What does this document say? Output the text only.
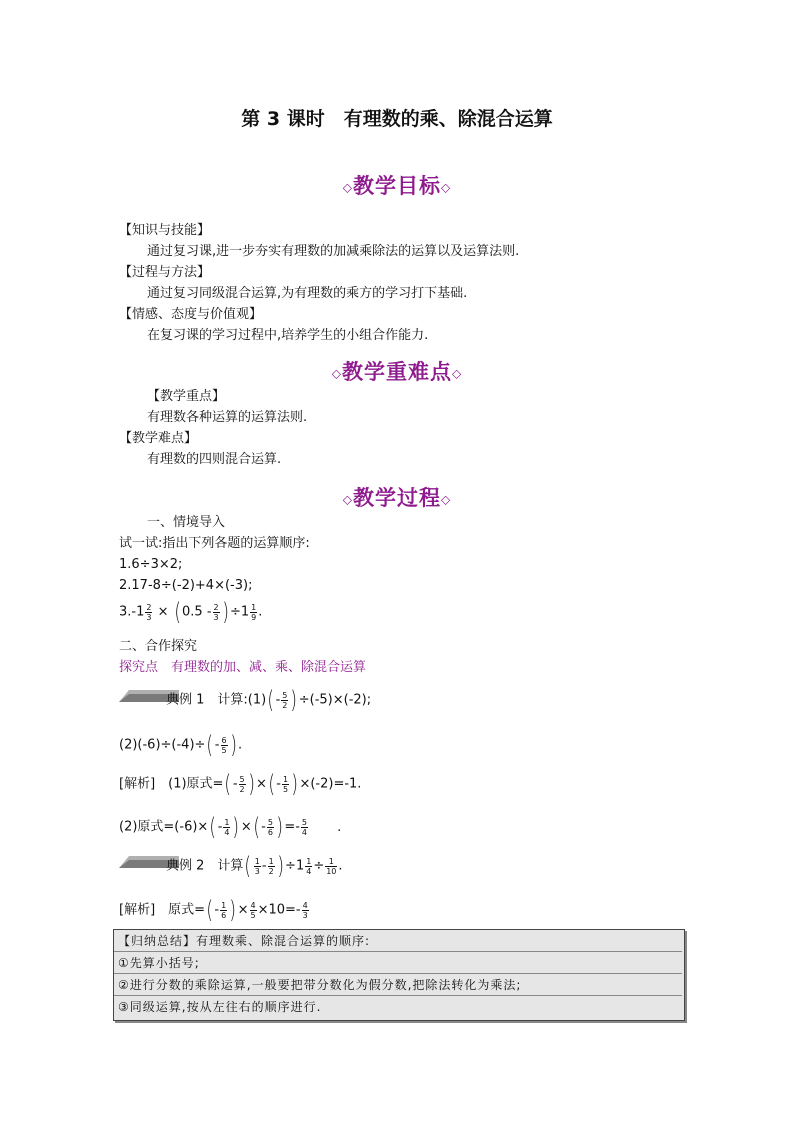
第 3 课时　有理数的乘、除混合运算
◇教学目标◇
【知识与技能】
通过复习课,进一步夯实有理数的加减乘除法的运算以及运算法则.
【过程与方法】
通过复习同级混合运算,为有理数的乘方的学习打下基础.
【情感、态度与价值观】
在复习课的学习过程中,培养学生的小组合作能力.
◇教学重难点◇
【教学重点】
有理数各种运算的运算法则.
【教学难点】
有理数的四则混合运算.
◇教学过程◇
一、情境导入
试一试:指出下列各题的运算顺序:
1.6÷3×2;
2.17-8÷(-2)+4×(-3);
$3.-1 \frac{2}{3} \times (0.5 - \frac{2}{3} )\div 1 \frac{1}{9}$ .
二、合作探究
探究点　有理数的加、减、乘、除混合运算
典例 1　计算:(1)(- $\frac{5}{2} )\div(-5)\times(-2)$;
$(2)(-6)\div(-4)\div(- \frac{6}{5}$ ).
[解析]　(1)原式=(- $\frac{5}{2}$ )×(- $\frac{1}{5} )\times(-2)=-1$.
(2)原式$=(-6)\times(- \frac{1}{4}$ )×(- $\frac{5}{6}$ )=- $\frac{5}{4}$ .
典例 2　计算( $\frac{1}{3} - \frac{1}{2} )\div 1 \frac{1}{4} \div \frac{1}{10}$ .
[解析]　原式=(- $\frac{1}{6}$ )× $\frac{4}{5} \times 10=- \frac{4}{3}$
【归纳总结】有理数乘、除混合运算的顺序:
①先算小括号;
②进行分数的乘除运算,一般要把带分数化为假分数,把除法转化为乘法;
③同级运算,按从左往右的顺序进行.
